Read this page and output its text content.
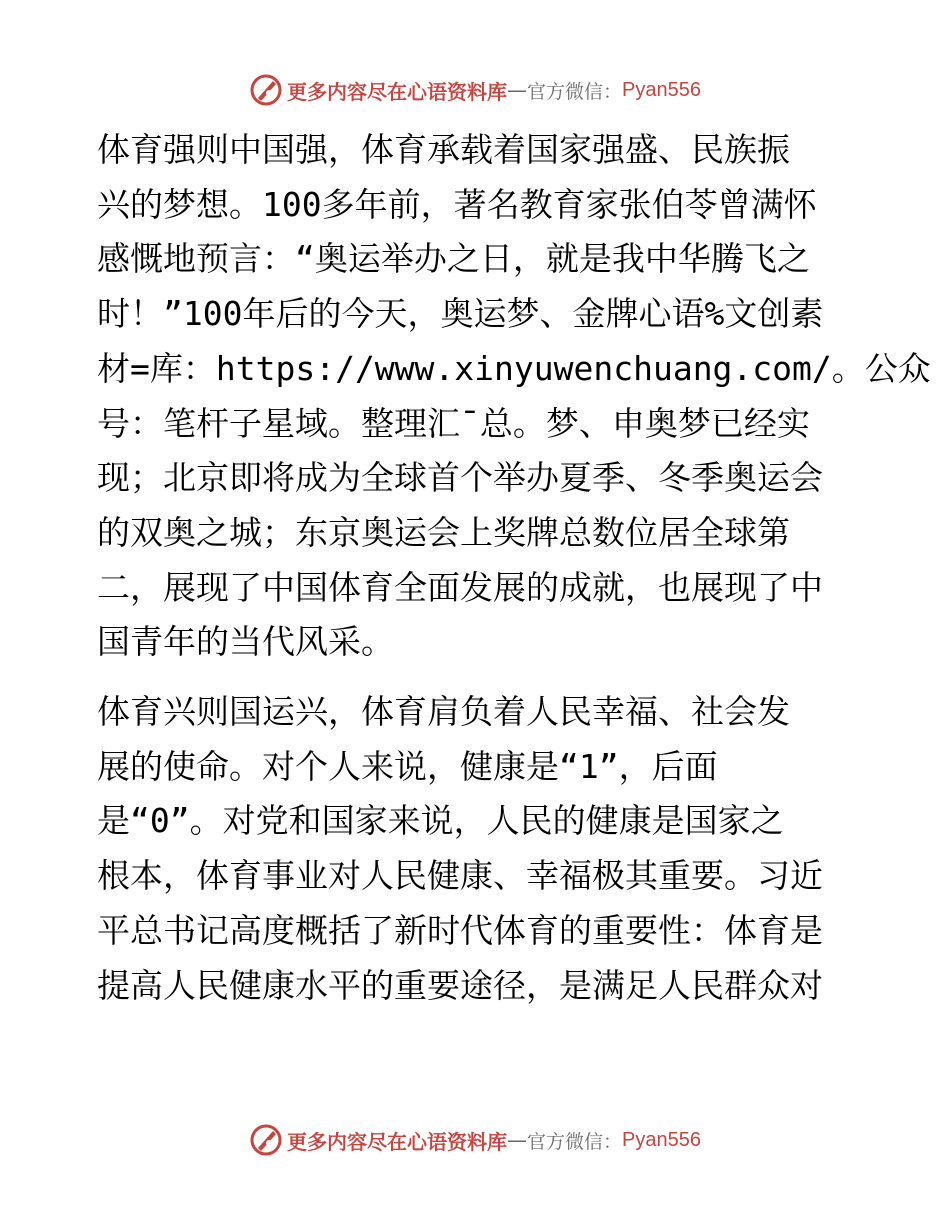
更多内容尽在心语资料库 — 官方微信： Pyan556

体育强则中国强，体育承载着国家强盛、民族振
兴的梦想。100多年前，著名教育家张伯苓曾满怀
感慨地预言：“奥运举办之日，就是我中华腾飞之
时！”100年后的今天，奥运梦、金牌心语%文创素
材=库：https://www.xinyuwenchuang.com/。公众
号：笔杆子星域。整理汇¯总。梦、申奥梦已经实
现；北京即将成为全球首个举办夏季、冬季奥运会
的双奥之城；东京奥运会上奖牌总数位居全球第
二，展现了中国体育全面发展的成就，也展现了中
国青年的当代风采。

体育兴则国运兴，体育肩负着人民幸福、社会发
展的使命。对个人来说，健康是“1”，后面
是“0”。对党和国家来说，人民的健康是国家之
根本，体育事业对人民健康、幸福极其重要。习近
平总书记高度概括了新时代体育的重要性：体育是
提高人民健康水平的重要途径，是满足人民群众对

更多内容尽在心语资料库 — 官方微信： Pyan556
